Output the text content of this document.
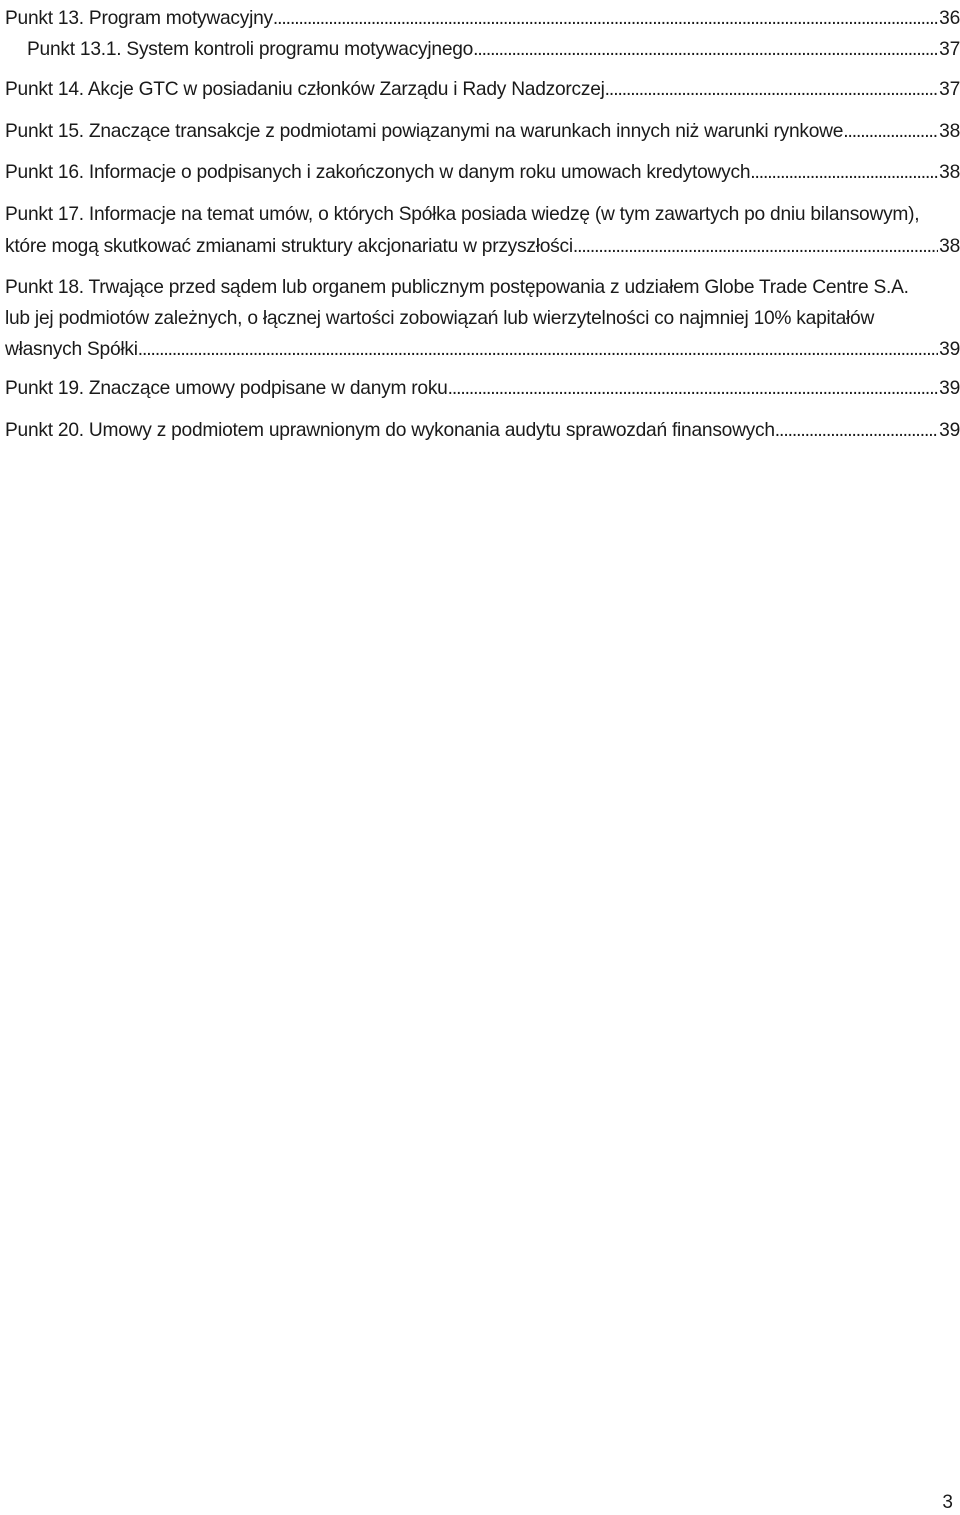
Punkt 13. Program motywacyjny . . .	36
Punkt 13.1. System kontroli programu motywacyjnego . . .	37
Punkt 14. Akcje GTC w posiadaniu członków Zarządu i Rady Nadzorczej . . .	37
Punkt 15. Znaczące transakcje z podmiotami powiązanymi na warunkach innych niż warunki rynkowe . . .	38
Punkt 16. Informacje o podpisanych i zakończonych w danym roku umowach kredytowych . . .	38
Punkt 17. Informacje na temat umów, o których Spółka posiada wiedzę (w tym zawartych po dniu bilansowym),
które mogą skutkować zmianami struktury akcjonariatu w przyszłości . . .	38
Punkt 18. Trwające przed sądem lub organem publicznym postępowania z udziałem Globe Trade Centre S.A.
lub jej podmiotów zależnych, o łącznej wartości zobowiązań lub wierzytelności co najmniej 10% kapitałów
własnych Spółki . . .	39
Punkt 19. Znaczące umowy podpisane w danym roku . . .	39
Punkt 20. Umowy z podmiotem uprawnionym do wykonania audytu sprawozdań finansowych . . .	39
3
